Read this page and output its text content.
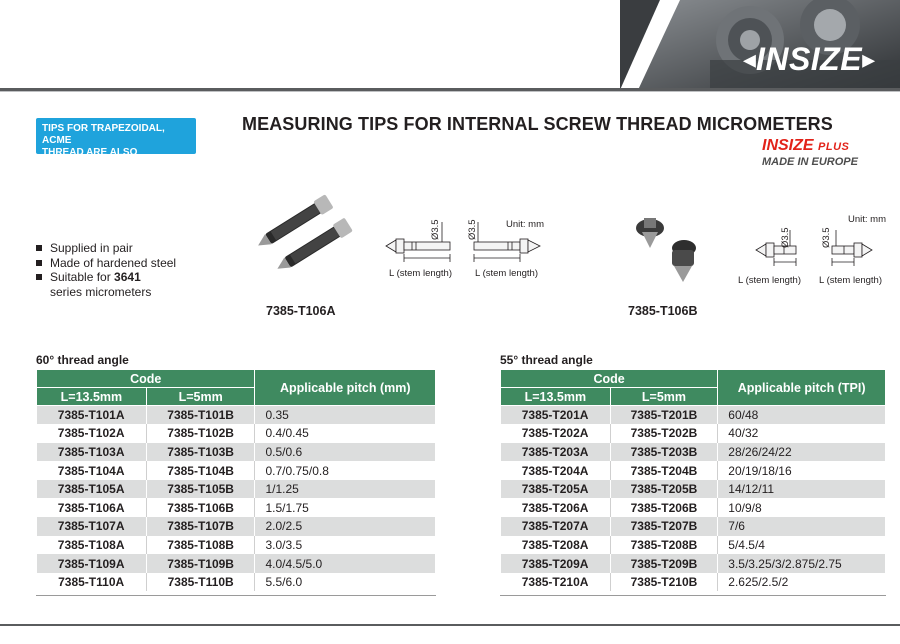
◂ INSIZE ▸
TIPS FOR TRAPEZOIDAL, ACME
THREAD ARE ALSO AVAILABLE
MEASURING TIPS FOR INTERNAL SCREW THREAD MICROMETERS
INSIZE PLUS
MADE IN EUROPE
Supplied in pair
Made of hardened steel
Suitable for 3641
series micrometers
Ø3.5	Ø3.5	Unit: mm
L (stem length) L (stem length)
7385-T106A
Ø3.5	Ø3.5
Unit: mm
L (stem length) L (stem length)
7385-T106B
60° thread angle
Code		Applicable pitch (mm)
L=13.5mm	L=5mm	
7385-T101A	7385-T101B	0.35
7385-T102A	7385-T102B	0.4/0.45
7385-T103A	7385-T103B	0.5/0.6
7385-T104A	7385-T104B	0.7/0.75/0.8
7385-T105A	7385-T105B	1/1.25
7385-T106A	7385-T106B	1.5/1.75
7385-T107A	7385-T107B	2.0/2.5
7385-T108A	7385-T108B	3.0/3.5
7385-T109A	7385-T109B	4.0/4.5/5.0
7385-T110A	7385-T110B	5.5/6.0
55° thread angle
Code		Applicable pitch (TPI)
L=13.5mm	L=5mm	
7385-T201A	7385-T201B	60/48
7385-T202A	7385-T202B	40/32
7385-T203A	7385-T203B	28/26/24/22
7385-T204A	7385-T204B	20/19/18/16
7385-T205A	7385-T205B	14/12/11
7385-T206A	7385-T206B	10/9/8
7385-T207A	7385-T207B	7/6
7385-T208A	7385-T208B	5/4.5/4
7385-T209A	7385-T209B	3.5/3.25/3/2.875/2.75
7385-T210A	7385-T210B	2.625/2.5/2
